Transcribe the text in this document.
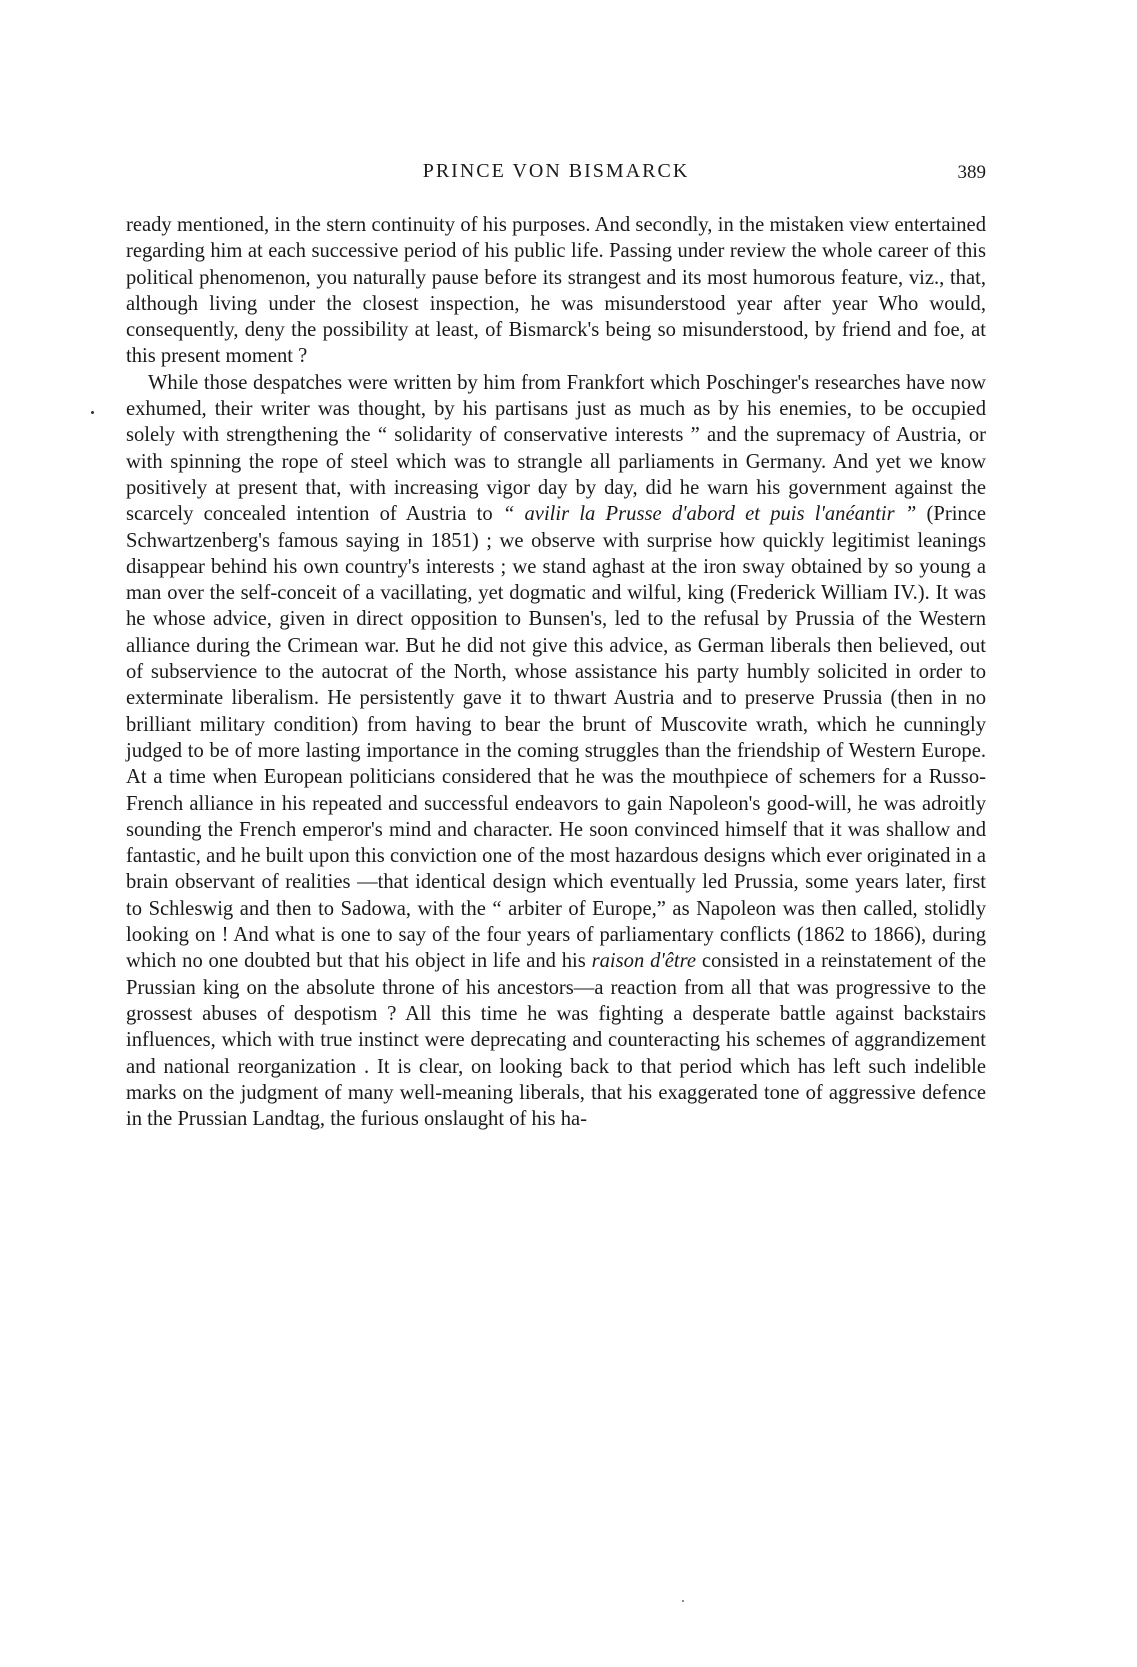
PRINCE VON BISMARCK	389

ready mentioned, in the stern continuity of his purposes. And secondly, in the mistaken view entertained regarding him at each successive period of his public life. Passing under review the whole career of this political phenomenon, you naturally pause before its strangest and its most humorous feature, viz., that, although living under the closest inspection, he was misunderstood year after year Who would, consequently, deny the possibility at least, of Bismarck's being so misunderstood, by friend and foe, at this present moment ?

While those despatches were written by him from Frankfort which Poschinger's researches have now exhumed, their writer was thought, by his partisans just as much as by his enemies, to be occupied solely with strengthening the “ solidarity of conservative interests ” and the supremacy of Austria, or with spinning the rope of steel which was to strangle all parliaments in Germany. And yet we know positively at present that, with increasing vigor day by day, did he warn his government against the scarcely concealed intention of Austria to “ avilir la Prusse d'abord et puis l'anéantir ” (Prince Schwartzenberg's famous saying in 1851) ; we observe with surprise how quickly legitimist leanings disappear behind his own country's interests ; we stand aghast at the iron sway obtained by so young a man over the self-conceit of a vacillating, yet dogmatic and wilful, king (Frederick William IV.). It was he whose advice, given in direct opposition to Bunsen's, led to the refusal by Prussia of the Western alliance during the Crimean war. But he did not give this advice, as German liberals then believed, out of subservience to the autocrat of the North, whose assistance his party humbly solicited in order to exterminate liberalism. He persistently gave it to thwart Austria and to preserve Prussia (then in no brilliant military condition) from having to bear the brunt of Muscovite wrath, which he cunningly judged to be of more lasting importance in the coming struggles than the friendship of Western Europe. At a time when European politicians considered that he was the mouthpiece of schemers for a Russo-French alliance in his repeated and successful endeavors to gain Napoleon's good-will, he was adroitly sounding the French emperor's mind and character. He soon convinced himself that it was shallow and fantastic, and he built upon this conviction one of the most hazardous designs which ever originated in a brain observant of realities —that identical design which eventually led Prussia, some years later, first to Schleswig and then to Sadowa, with the “ arbiter of Europe,” as Napoleon was then called, stolidly looking on ! And what is one to say of the four years of parliamentary conflicts (1862 to 1866), during which no one doubted but that his object in life and his raison d'être consisted in a reinstatement of the Prussian king on the absolute throne of his ancestors—a reaction from all that was progressive to the grossest abuses of despotism ? All this time he was fighting a desperate battle against backstairs influences, which with true instinct were deprecating and counteracting his schemes of aggrandizement and national reorganization . It is clear, on looking back to that period which has left such indelible marks on the judgment of many well-meaning liberals, that his exaggerated tone of aggressive defence in the Prussian Landtag, the furious onslaught of his ha-
